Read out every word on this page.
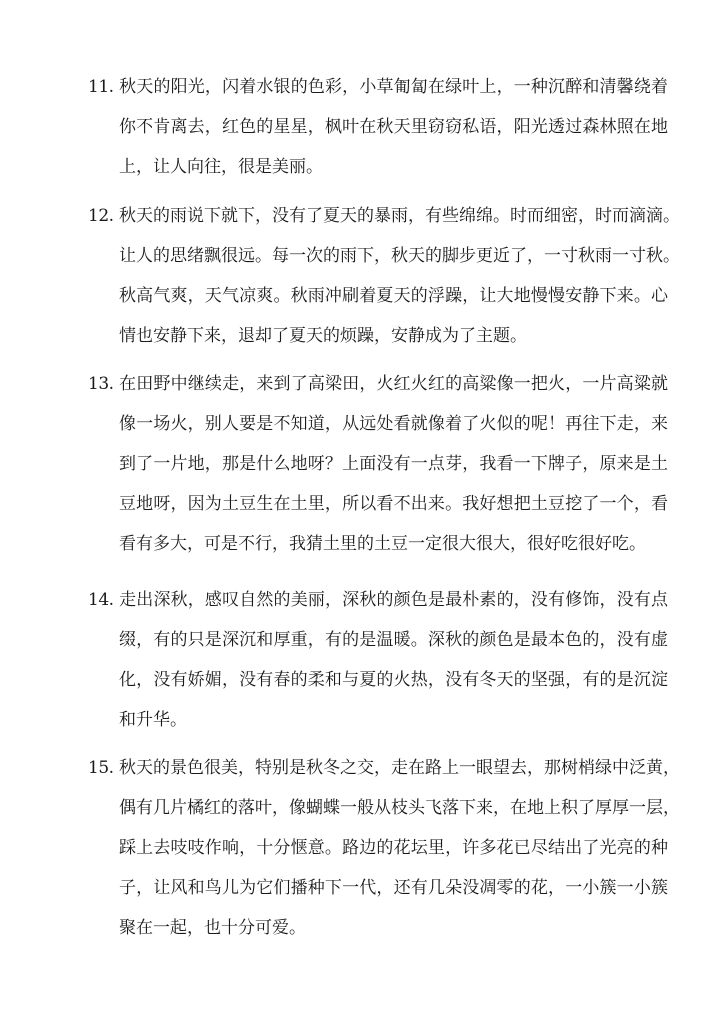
11. 秋天的阳光，闪着水银的色彩，小草匍匐在绿叶上，一种沉醉和清馨绕着
你不肯离去，红色的星星，枫叶在秋天里窃窃私语，阳光透过森林照在地
上，让人向往，很是美丽。
12. 秋天的雨说下就下，没有了夏天的暴雨，有些绵绵。时而细密，时而滴滴。
让人的思绪飘很远。每一次的雨下，秋天的脚步更近了，一寸秋雨一寸秋。
秋高气爽，天气凉爽。秋雨冲刷着夏天的浮躁，让大地慢慢安静下来。心
情也安静下来，退却了夏天的烦躁，安静成为了主题。
13. 在田野中继续走，来到了高梁田，火红火红的高粱像一把火，一片高粱就
像一场火，别人要是不知道，从远处看就像着了火似的呢！再往下走，来
到了一片地，那是什么地呀？上面没有一点芽，我看一下牌子，原来是土
豆地呀，因为土豆生在土里，所以看不出来。我好想把土豆挖了一个，看
看有多大，可是不行，我猜土里的土豆一定很大很大，很好吃很好吃。
14. 走出深秋，感叹自然的美丽，深秋的颜色是最朴素的，没有修饰，没有点
缀，有的只是深沉和厚重，有的是温暖。深秋的颜色是最本色的，没有虚
化，没有娇媚，没有春的柔和与夏的火热，没有冬天的坚强，有的是沉淀
和升华。
15. 秋天的景色很美，特别是秋冬之交，走在路上一眼望去，那树梢绿中泛黄，
偶有几片橘红的落叶，像蝴蝶一般从枝头飞落下来，在地上积了厚厚一层，
踩上去吱吱作响，十分惬意。路边的花坛里，许多花已尽结出了光亮的种
子，让风和鸟儿为它们播种下一代，还有几朵没凋零的花，一小簇一小簇
聚在一起，也十分可爱。
